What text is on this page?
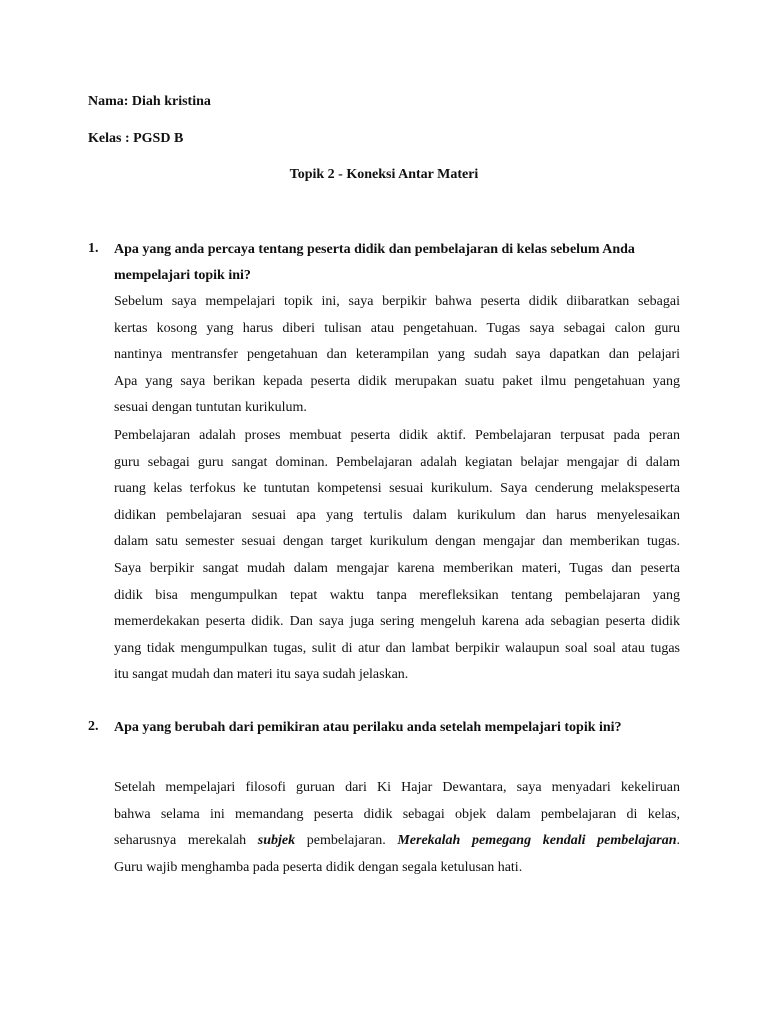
Nama: Diah kristina
Kelas : PGSD B
Topik 2 - Koneksi Antar Materi
1. Apa yang anda percaya tentang peserta didik dan pembelajaran di kelas sebelum Anda
mempelajari topik ini?
Sebelum saya mempelajari topik ini, saya berpikir bahwa peserta didik diibaratkan sebagai
kertas kosong yang harus diberi tulisan atau pengetahuan. Tugas saya sebagai calon guru
nantinya mentransfer pengetahuan dan keterampilan yang sudah saya dapatkan dan pelajari
Apa yang saya berikan kepada peserta didik merupakan suatu paket ilmu pengetahuan yang
sesuai dengan tuntutan kurikulum.
Pembelajaran adalah proses membuat peserta didik aktif. Pembelajaran terpusat pada peran
guru sebagai guru sangat dominan. Pembelajaran adalah kegiatan belajar mengajar di dalam
ruang kelas terfokus ke tuntutan kompetensi sesuai kurikulum. Saya cenderung melakspeserta
didikan pembelajaran sesuai apa yang tertulis dalam kurikulum dan harus menyelesaikan
dalam satu semester sesuai dengan target kurikulum dengan mengajar dan memberikan tugas.
Saya berpikir sangat mudah dalam mengajar karena memberikan materi, Tugas dan peserta
didik bisa mengumpulkan tepat waktu tanpa merefleksikan tentang pembelajaran yang
memerdekakan peserta didik. Dan saya juga sering mengeluh karena ada sebagian peserta didik
yang tidak mengumpulkan tugas, sulit di atur dan lambat berpikir walaupun soal soal atau tugas
itu sangat mudah dan materi itu saya sudah jelaskan.
2. Apa yang berubah dari pemikiran atau perilaku anda setelah mempelajari topik ini?
Setelah mempelajari filosofi guruan dari Ki Hajar Dewantara, saya menyadari kekeliruan
bahwa selama ini memandang peserta didik sebagai objek dalam pembelajaran di kelas,
seharusnya merekalah subjek pembelajaran. Merekalah pemegang kendali pembelajaran.
Guru wajib menghamba pada peserta didik dengan segala ketulusan hati.
